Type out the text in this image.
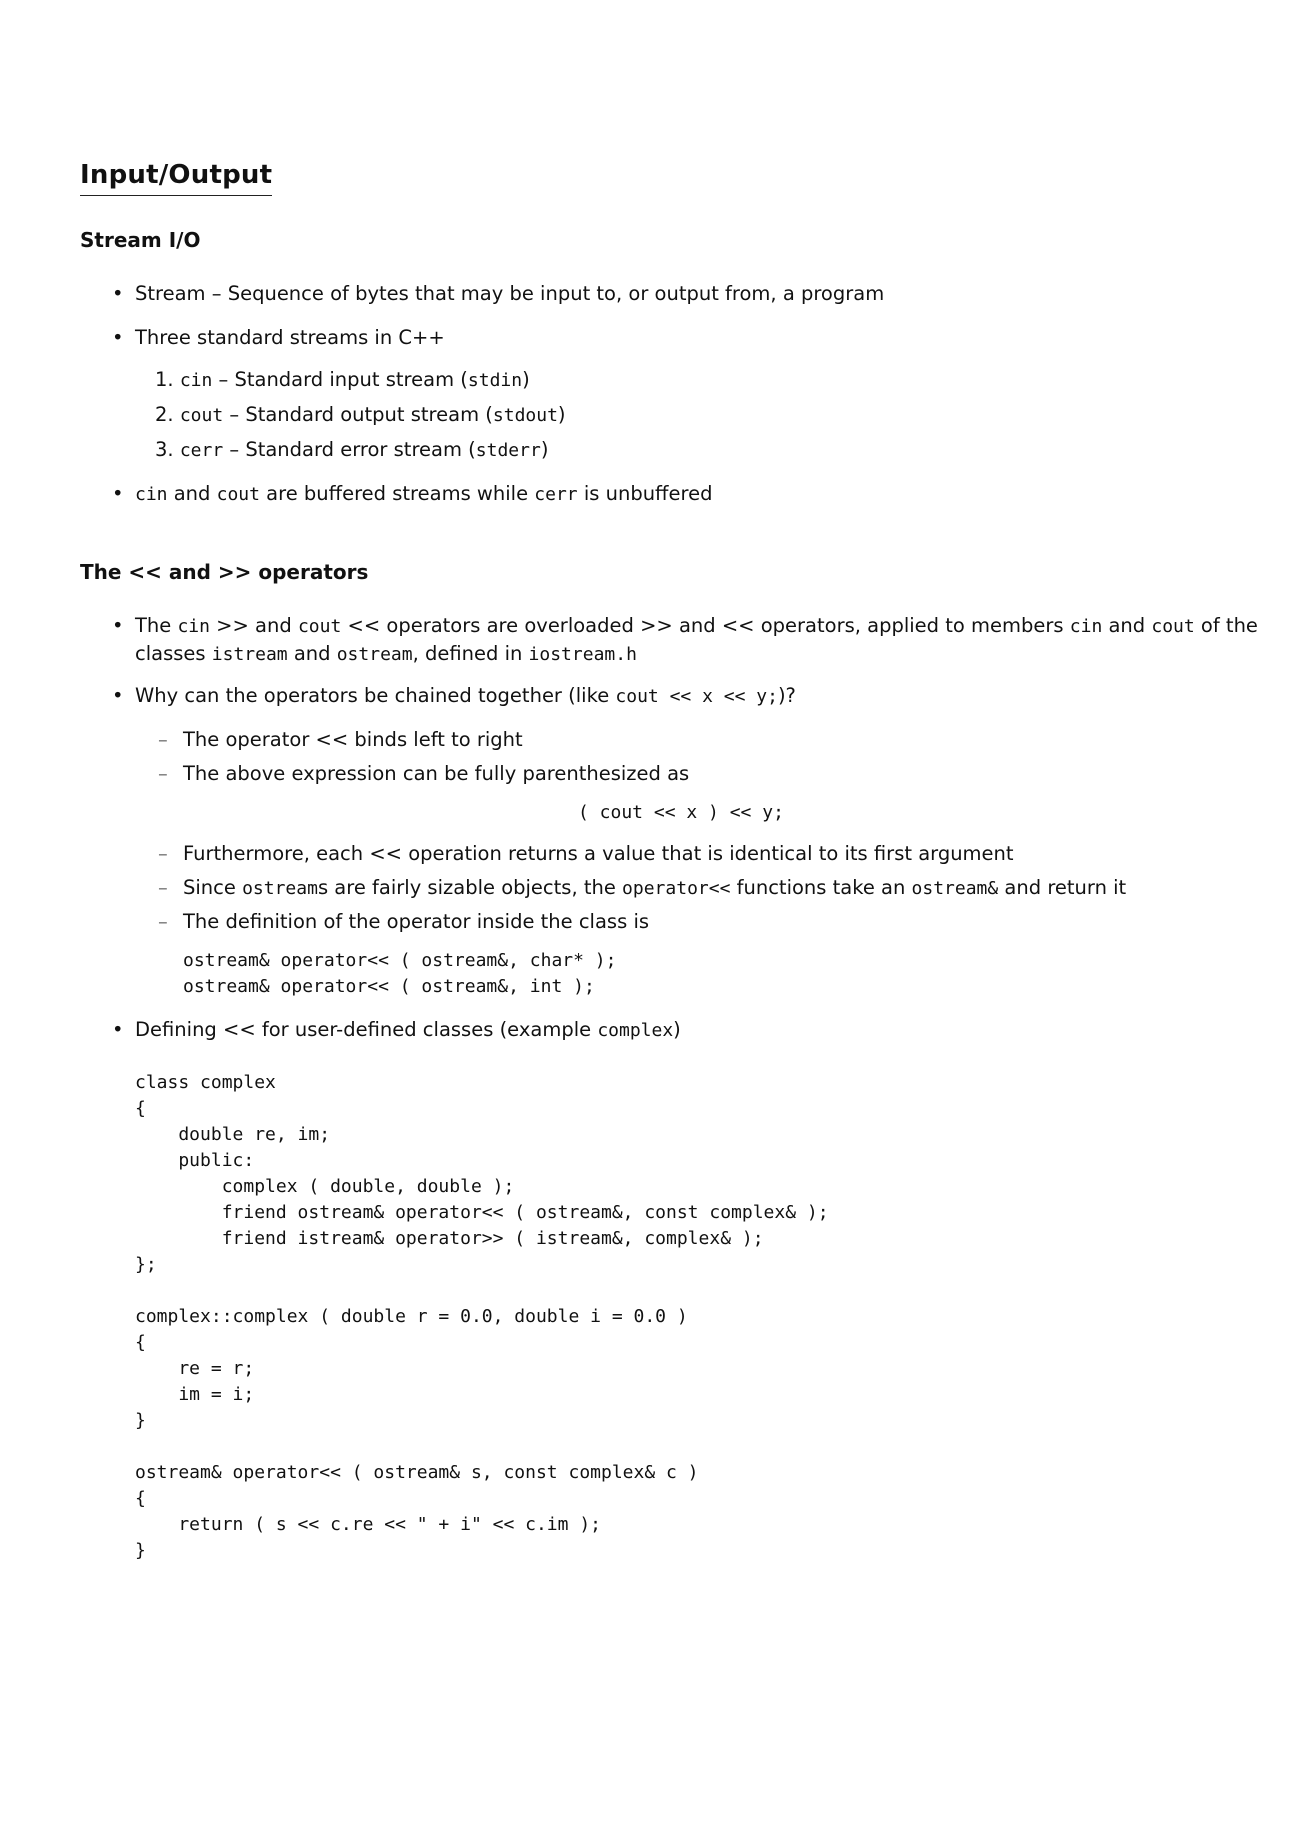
Input/Output
Stream I/O
• Stream – Sequence of bytes that may be input to, or output from, a program
• Three standard streams in C++
1. cin – Standard input stream (stdin)
2. cout – Standard output stream (stdout)
3. cerr – Standard error stream (stderr)
• cin and cout are buffered streams while cerr is unbuffered
The << and >> operators
• The cin >> and cout << operators are overloaded >> and << operators, applied to members cin and cout of the
classes istream and ostream, defined in iostream.h
• Why can the operators be chained together (like cout << x << y;)?
– The operator << binds left to right
– The above expression can be fully parenthesized as
( cout << x ) << y;
– Furthermore, each << operation returns a value that is identical to its first argument
– Since ostreams are fairly sizable objects, the operator<< functions take an ostream& and return it
– The definition of the operator inside the class is
ostream& operator<< ( ostream&, char* );
ostream& operator<< ( ostream&, int );
• Defining << for user-defined classes (example complex)
class complex
{
double re, im;
public:
complex ( double, double );
friend ostream& operator<< ( ostream&, const complex& );
friend istream& operator>> ( istream&, complex& );
};

complex::complex ( double r = 0.0, double i = 0.0 )
{
re = r;
im = i;
}

ostream& operator<< ( ostream& s, const complex& c )
{
return ( s << c.re << " + i" << c.im );
}
